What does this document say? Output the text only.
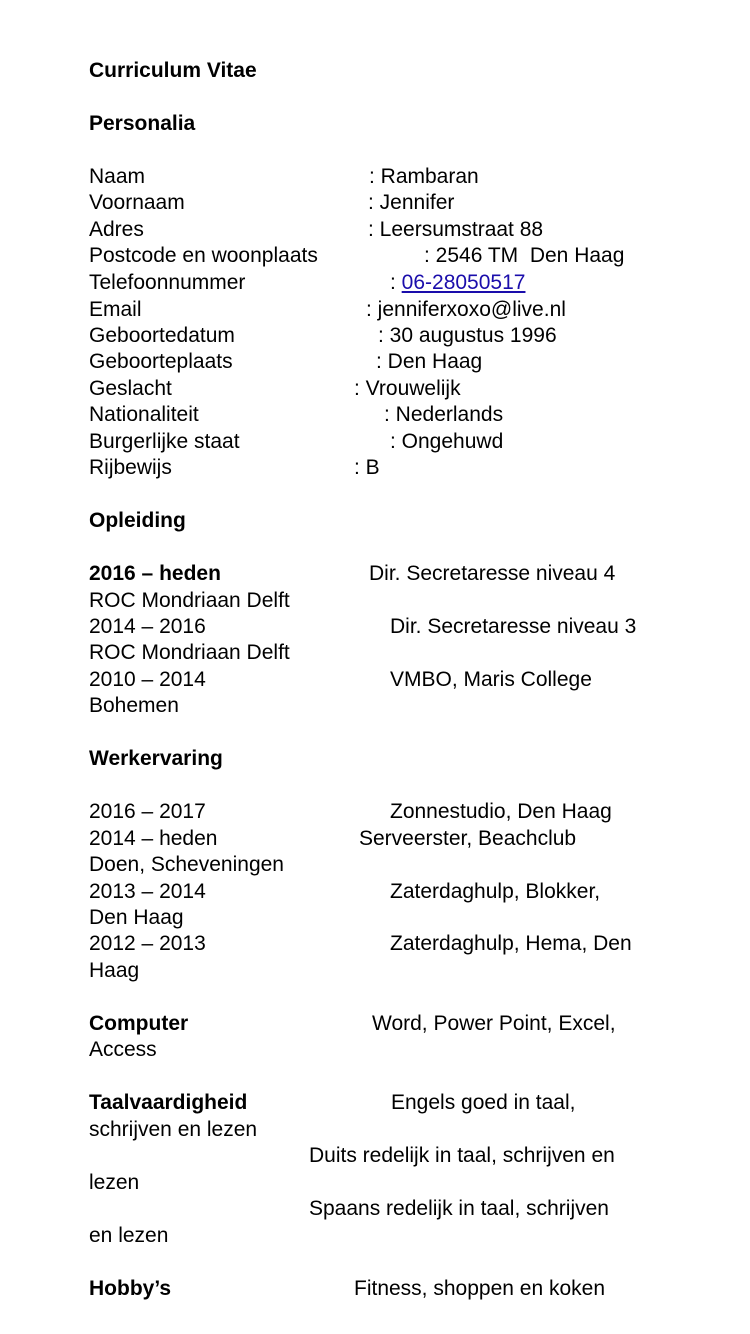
Curriculum Vitae
Personalia
Naam	: Rambaran
Voornaam	: Jennifer
Adres	: Leersumstraat 88
Postcode en woonplaats	: 2546 TM  Den Haag
Telefoonnummer	: 06-28050517
Email	: jenniferxoxo@live.nl
Geboortedatum	: 30 augustus 1996
Geboorteplaats	: Den Haag
Geslacht	: Vrouwelijk
Nationaliteit	: Nederlands
Burgerlijke staat	: Ongehuwd
Rijbewijs	: B
Opleiding
2016 – heden	Dir. Secretaresse niveau 4
ROC Mondriaan Delft
2014 – 2016	Dir. Secretaresse niveau 3
ROC Mondriaan Delft
2010 – 2014	VMBO, Maris College
Bohemen
Werkervaring
2016 – 2017	Zonnestudio, Den Haag
2014 – heden	Serveerster, Beachclub
Doen, Scheveningen
2013 – 2014	Zaterdaghulp, Blokker,
Den Haag
2012 – 2013	Zaterdaghulp, Hema, Den
Haag
Computer	Word, Power Point, Excel,
Access
Taalvaardigheid	Engels goed in taal,
schrijven en lezen
Duits redelijk in taal, schrijven en
lezen
Spaans redelijk in taal, schrijven
en lezen
Hobby’s	Fitness, shoppen en koken
